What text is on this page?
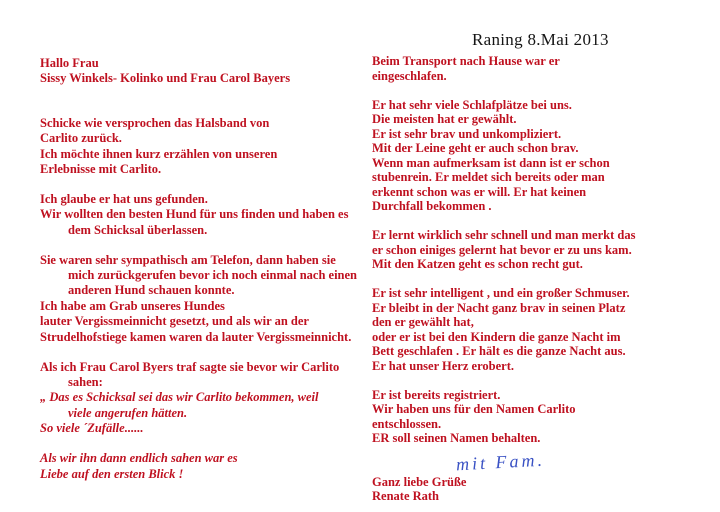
Raning 8.Mai 2013
Hallo Frau
Sissy Winkels- Kolinko und Frau Carol Bayers
Schicke wie versprochen das Halsband von
Carlito zurück.
Ich möchte ihnen kurz erzählen von unseren
Erlebnisse mit Carlito.
Ich glaube er hat uns gefunden.
Wir wollten den besten Hund für uns finden und haben es
dem Schicksal überlassen.
Sie waren sehr sympathisch am Telefon, dann haben sie
mich zurückgerufen bevor ich noch einmal nach einen
anderen Hund schauen konnte.
Ich habe am Grab unseres Hundes
lauter Vergissmeinnicht gesetzt, und als wir an der
Strudelhofstiege kamen waren da lauter Vergissmeinnicht.
Als ich Frau Carol Byers traf sagte sie bevor wir Carlito
sahen:
„ Das es Schicksal sei das wir Carlito bekommen, weil
viele angerufen hätten.
So viele ´Zufälle......
Als wir ihn dann endlich sahen war es
Liebe auf den ersten Blick !
Beim Transport nach Hause war er
eingeschlafen.
Er hat sehr viele Schlafplätze bei uns.
Die meisten hat er gewählt.
Er ist sehr brav und unkompliziert.
Mit der Leine geht er auch schon brav.
Wenn man aufmerksam ist dann ist er schon
stubenrein. Er meldet sich bereits oder man
erkennt schon was er will. Er hat keinen
Durchfall bekommen .
Er lernt wirklich sehr schnell und man merkt das
er schon einiges gelernt hat bevor er zu uns kam.
Mit den Katzen geht es schon recht gut.
Er ist sehr intelligent , und ein großer Schmuser.
Er bleibt in der Nacht ganz brav in seinen Platz
den er gewählt hat,
oder er ist bei den Kindern die ganze Nacht im
Bett geschlafen . Er hält es die ganze Nacht aus.
Er hat unser Herz erobert.
Er ist bereits registriert.
Wir haben uns für den Namen Carlito
entschlossen.
ER soll seinen Namen behalten.
Ganz liebe Grüße
Renate Rath
mit Fam.
